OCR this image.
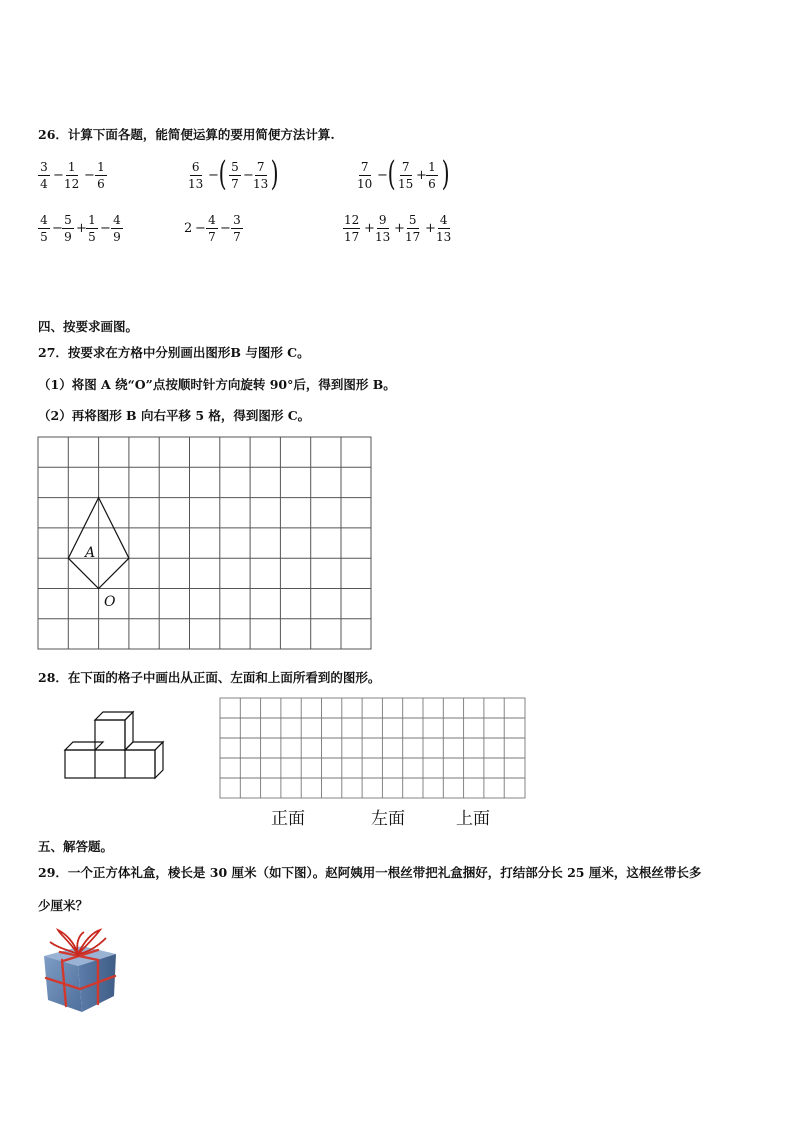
26．计算下面各题，能简便运算的要用简便方法计算.
$\frac{3}{4} - \frac{1}{12} - \frac{1}{6}$	$\frac{6}{13}$ − ( $\frac{5}{7} - \frac{7}{13}$ )	$\frac{7}{10}$ − ( $\frac{7}{15} + \frac{1}{6}$ )
$\frac{4}{5} - \frac{5}{9} + \frac{1}{5} - \frac{4}{9}$	$2 - \frac{4}{7} - \frac{3}{7}$	$\frac{12}{17} + \frac{9}{13} + \frac{5}{17} + \frac{4}{13}$
四、按要求画图。
27．按要求在方格中分别画出图形B 与图形 C。
（1）将图 A 绕“O”点按顺时针方向旋转 90°后，得到图形 B。
（2）再将图形 B 向右平移 5 格，得到图形 C。
A
O
28．在下面的格子中画出从正面、左面和上面所看到的图形。
正面	左面	上面
五、解答题。
29．一个正方体礼盒，棱长是 30 厘米（如下图）。赵阿姨用一根丝带把礼盒捆好，打结部分长 25 厘米，这根丝带长多
少厘米？
